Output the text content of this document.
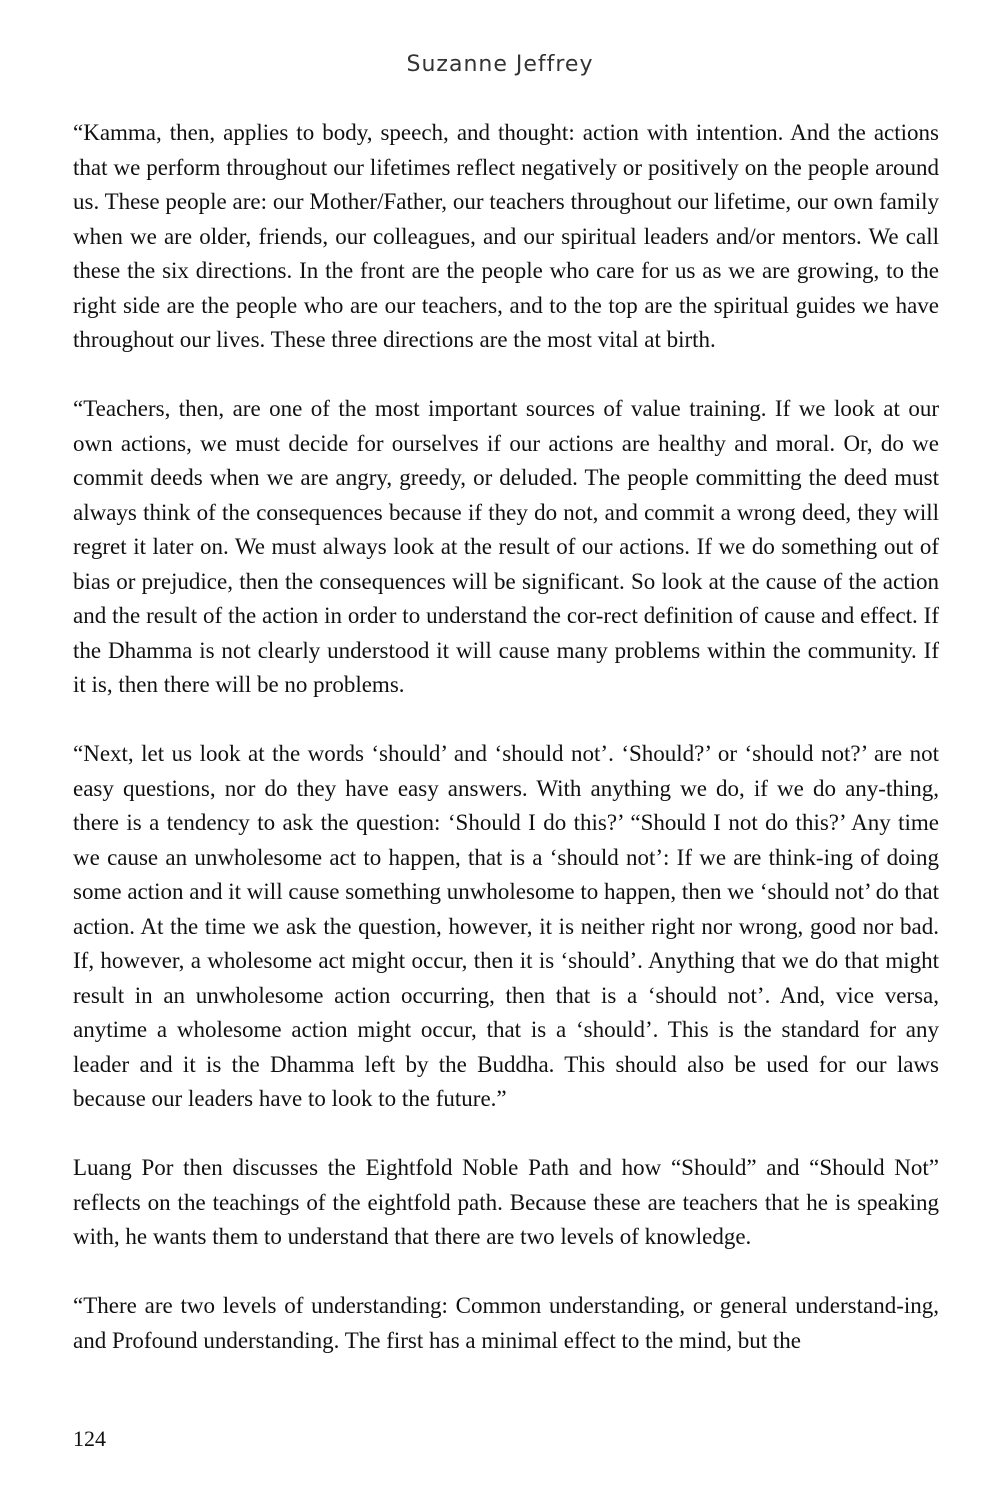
Suzanne Jeffrey

“Kamma, then, applies to body, speech, and thought: action with intention. And the actions that we perform throughout our lifetimes reflect negatively or positively on the people around us. These people are: our Mother/Father, our teachers throughout our lifetime, our own family when we are older, friends, our colleagues, and our spiritual leaders and/or mentors. We call these the six directions. In the front are the people who care for us as we are growing, to the right side are the people who are our teachers, and to the top are the spiritual guides we have throughout our lives. These three directions are the most vital at birth.

“Teachers, then, are one of the most important sources of value training. If we look at our own actions, we must decide for ourselves if our actions are healthy and moral. Or, do we commit deeds when we are angry, greedy, or deluded. The people committing the deed must always think of the consequences because if they do not, and commit a wrong deed, they will regret it later on. We must always look at the result of our actions. If we do something out of bias or prejudice, then the consequences will be significant. So look at the cause of the action and the result of the action in order to understand the cor-rect definition of cause and effect. If the Dhamma is not clearly understood it will cause many problems within the community. If it is, then there will be no problems.

“Next, let us look at the words ‘should’ and ‘should not’. ‘Should?’ or ‘should not?’ are not easy questions, nor do they have easy answers. With anything we do, if we do any-thing, there is a tendency to ask the question: ‘Should I do this?’ “Should I not do this?’ Any time we cause an unwholesome act to happen, that is a ‘should not’: If we are think-ing of doing some action and it will cause something unwholesome to happen, then we ‘should not’ do that action. At the time we ask the question, however, it is neither right nor wrong, good nor bad. If, however, a wholesome act might occur, then it is ‘should’. Anything that we do that might result in an unwholesome action occurring, then that is a ‘should not’. And, vice versa, anytime a wholesome action might occur, that is a ‘should’. This is the standard for any leader and it is the Dhamma left by the Buddha. This should also be used for our laws because our leaders have to look to the future.”

Luang Por then discusses the Eightfold Noble Path and how “Should” and “Should Not” reflects on the teachings of the eightfold path. Because these are teachers that he is speaking with, he wants them to understand that there are two levels of knowledge.

“There are two levels of understanding: Common understanding, or general understand-ing, and Profound understanding. The first has a minimal effect to the mind, but the

124
